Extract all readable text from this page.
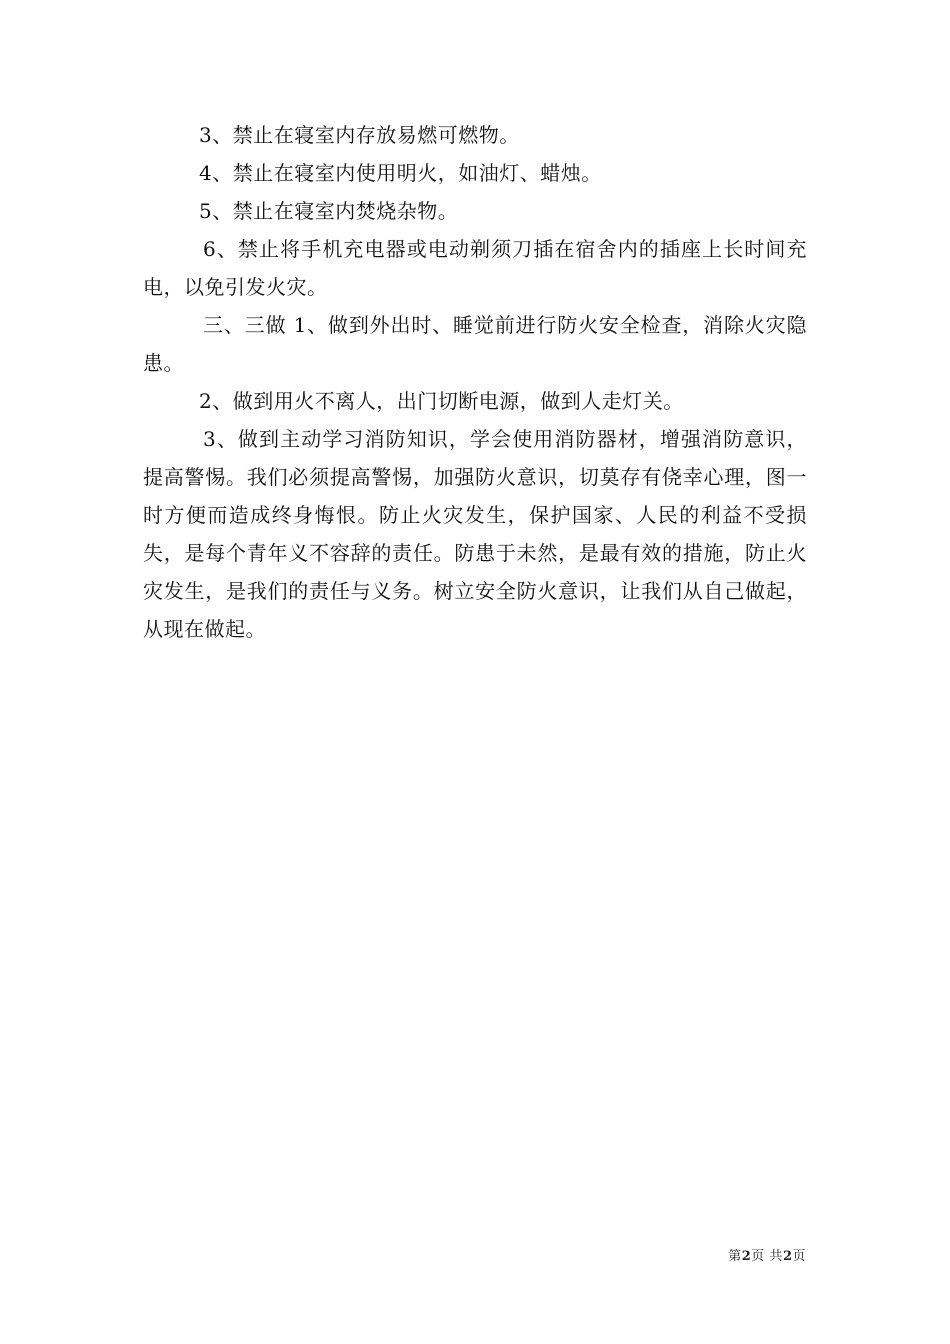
3、禁止在寝室内存放易燃可燃物。

4、禁止在寝室内使用明火，如油灯、蜡烛。

5、禁止在寝室内焚烧杂物。

6、禁止将手机充电器或电动剃须刀插在宿舍内的插座上长时间充电，以免引发火灾。

三、三做 1、做到外出时、睡觉前进行防火安全检查，消除火灾隐患。

2、做到用火不离人，出门切断电源，做到人走灯关。

3、做到主动学习消防知识，学会使用消防器材，增强消防意识，提高警惕。我们必须提高警惕，加强防火意识，切莫存有侥幸心理，图一时方便而造成终身悔恨。防止火灾发生，保护国家、人民的利益不受损失，是每个青年义不容辞的责任。防患于未然，是最有效的措施，防止火灾发生，是我们的责任与义务。树立安全防火意识，让我们从自己做起，从现在做起。

第2页 共2页
